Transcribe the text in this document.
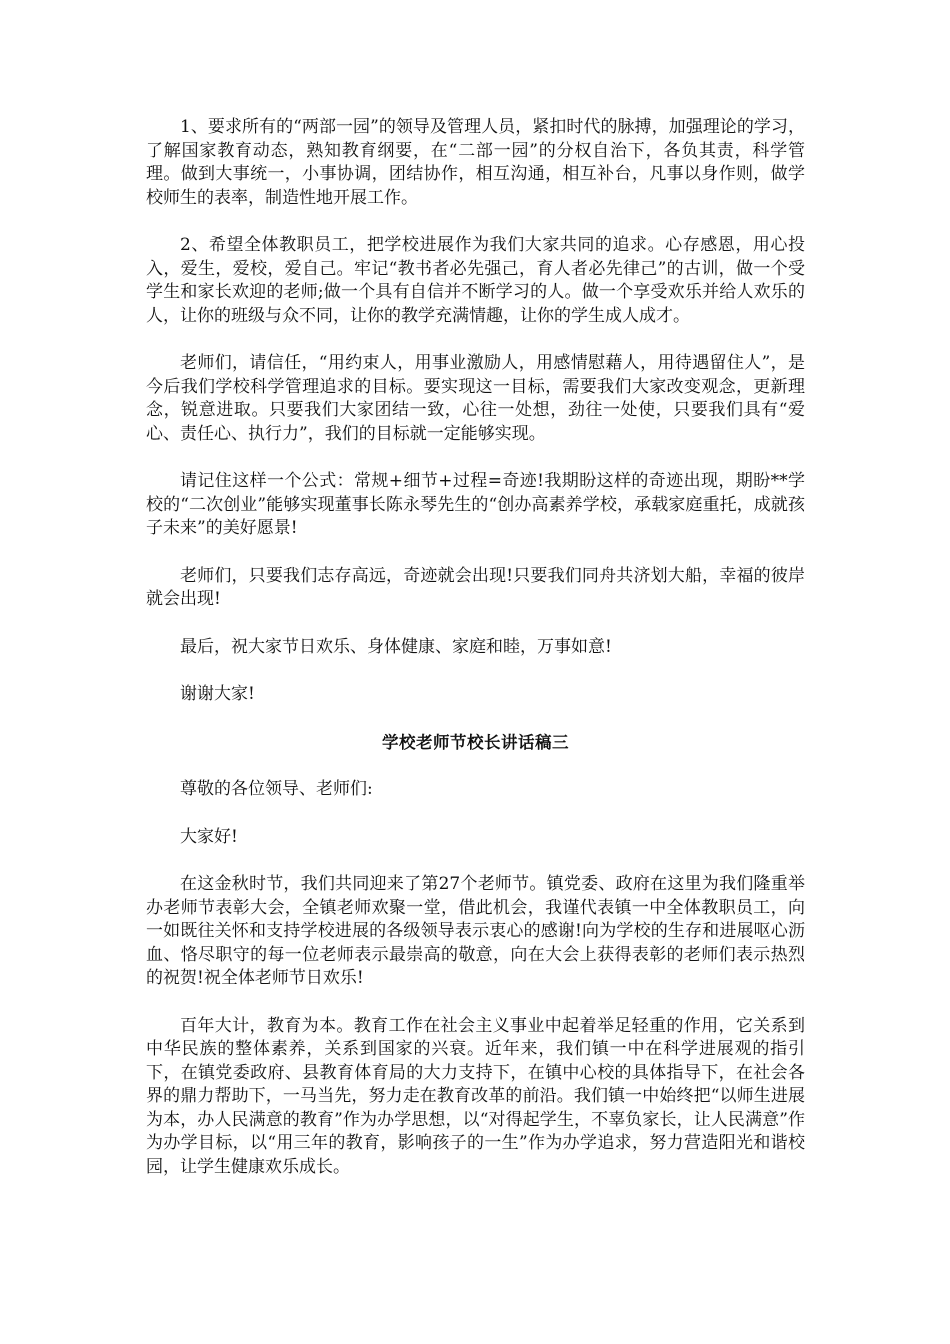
1、要求所有的“两部一园”的领导及管理人员，紧扣时代的脉搏，加强理论的学习，了解国家教育动态，熟知教育纲要，在“二部一园”的分权自治下，各负其责，科学管理。做到大事统一，小事协调，团结协作，相互沟通，相互补台，凡事以身作则，做学校师生的表率，制造性地开展工作。

2、希望全体教职员工，把学校进展作为我们大家共同的追求。心存感恩，用心投入，爱生，爱校，爱自己。牢记“教书者必先强己，育人者必先律己”的古训，做一个受学生和家长欢迎的老师;做一个具有自信并不断学习的人。做一个享受欢乐并给人欢乐的人，让你的班级与众不同，让你的教学充满情趣，让你的学生成人成才。

老师们，请信任，“用约束人，用事业激励人，用感情慰藉人，用待遇留住人”，是今后我们学校科学管理追求的目标。要实现这一目标，需要我们大家改变观念，更新理念，锐意进取。只要我们大家团结一致，心往一处想，劲往一处使，只要我们具有“爱心、责任心、执行力”，我们的目标就一定能够实现。

请记住这样一个公式：常规+细节+过程=奇迹!我期盼这样的奇迹出现，期盼**学校的“二次创业”能够实现董事长陈永琴先生的“创办高素养学校，承载家庭重托，成就孩子未来”的美好愿景!

老师们，只要我们志存高远，奇迹就会出现!只要我们同舟共济划大船，幸福的彼岸就会出现!

最后，祝大家节日欢乐、身体健康、家庭和睦，万事如意!

谢谢大家!

学校老师节校长讲话稿三

尊敬的各位领导、老师们:

大家好!

在这金秋时节，我们共同迎来了第27个老师节。镇党委、政府在这里为我们隆重举办老师节表彰大会，全镇老师欢聚一堂，借此机会，我谨代表镇一中全体教职员工，向一如既往关怀和支持学校进展的各级领导表示衷心的感谢!向为学校的生存和进展呕心沥血、恪尽职守的每一位老师表示最崇高的敬意，向在大会上获得表彰的老师们表示热烈的祝贺!祝全体老师节日欢乐!

百年大计，教育为本。教育工作在社会主义事业中起着举足轻重的作用，它关系到中华民族的整体素养，关系到国家的兴衰。近年来，我们镇一中在科学进展观的指引下，在镇党委政府、县教育体育局的大力支持下，在镇中心校的具体指导下，在社会各界的鼎力帮助下，一马当先，努力走在教育改革的前沿。我们镇一中始终把“以师生进展为本，办人民满意的教育”作为办学思想，以“对得起学生，不辜负家长，让人民满意”作为办学目标，以“用三年的教育，影响孩子的一生”作为办学追求，努力营造阳光和谐校园，让学生健康欢乐成长。
